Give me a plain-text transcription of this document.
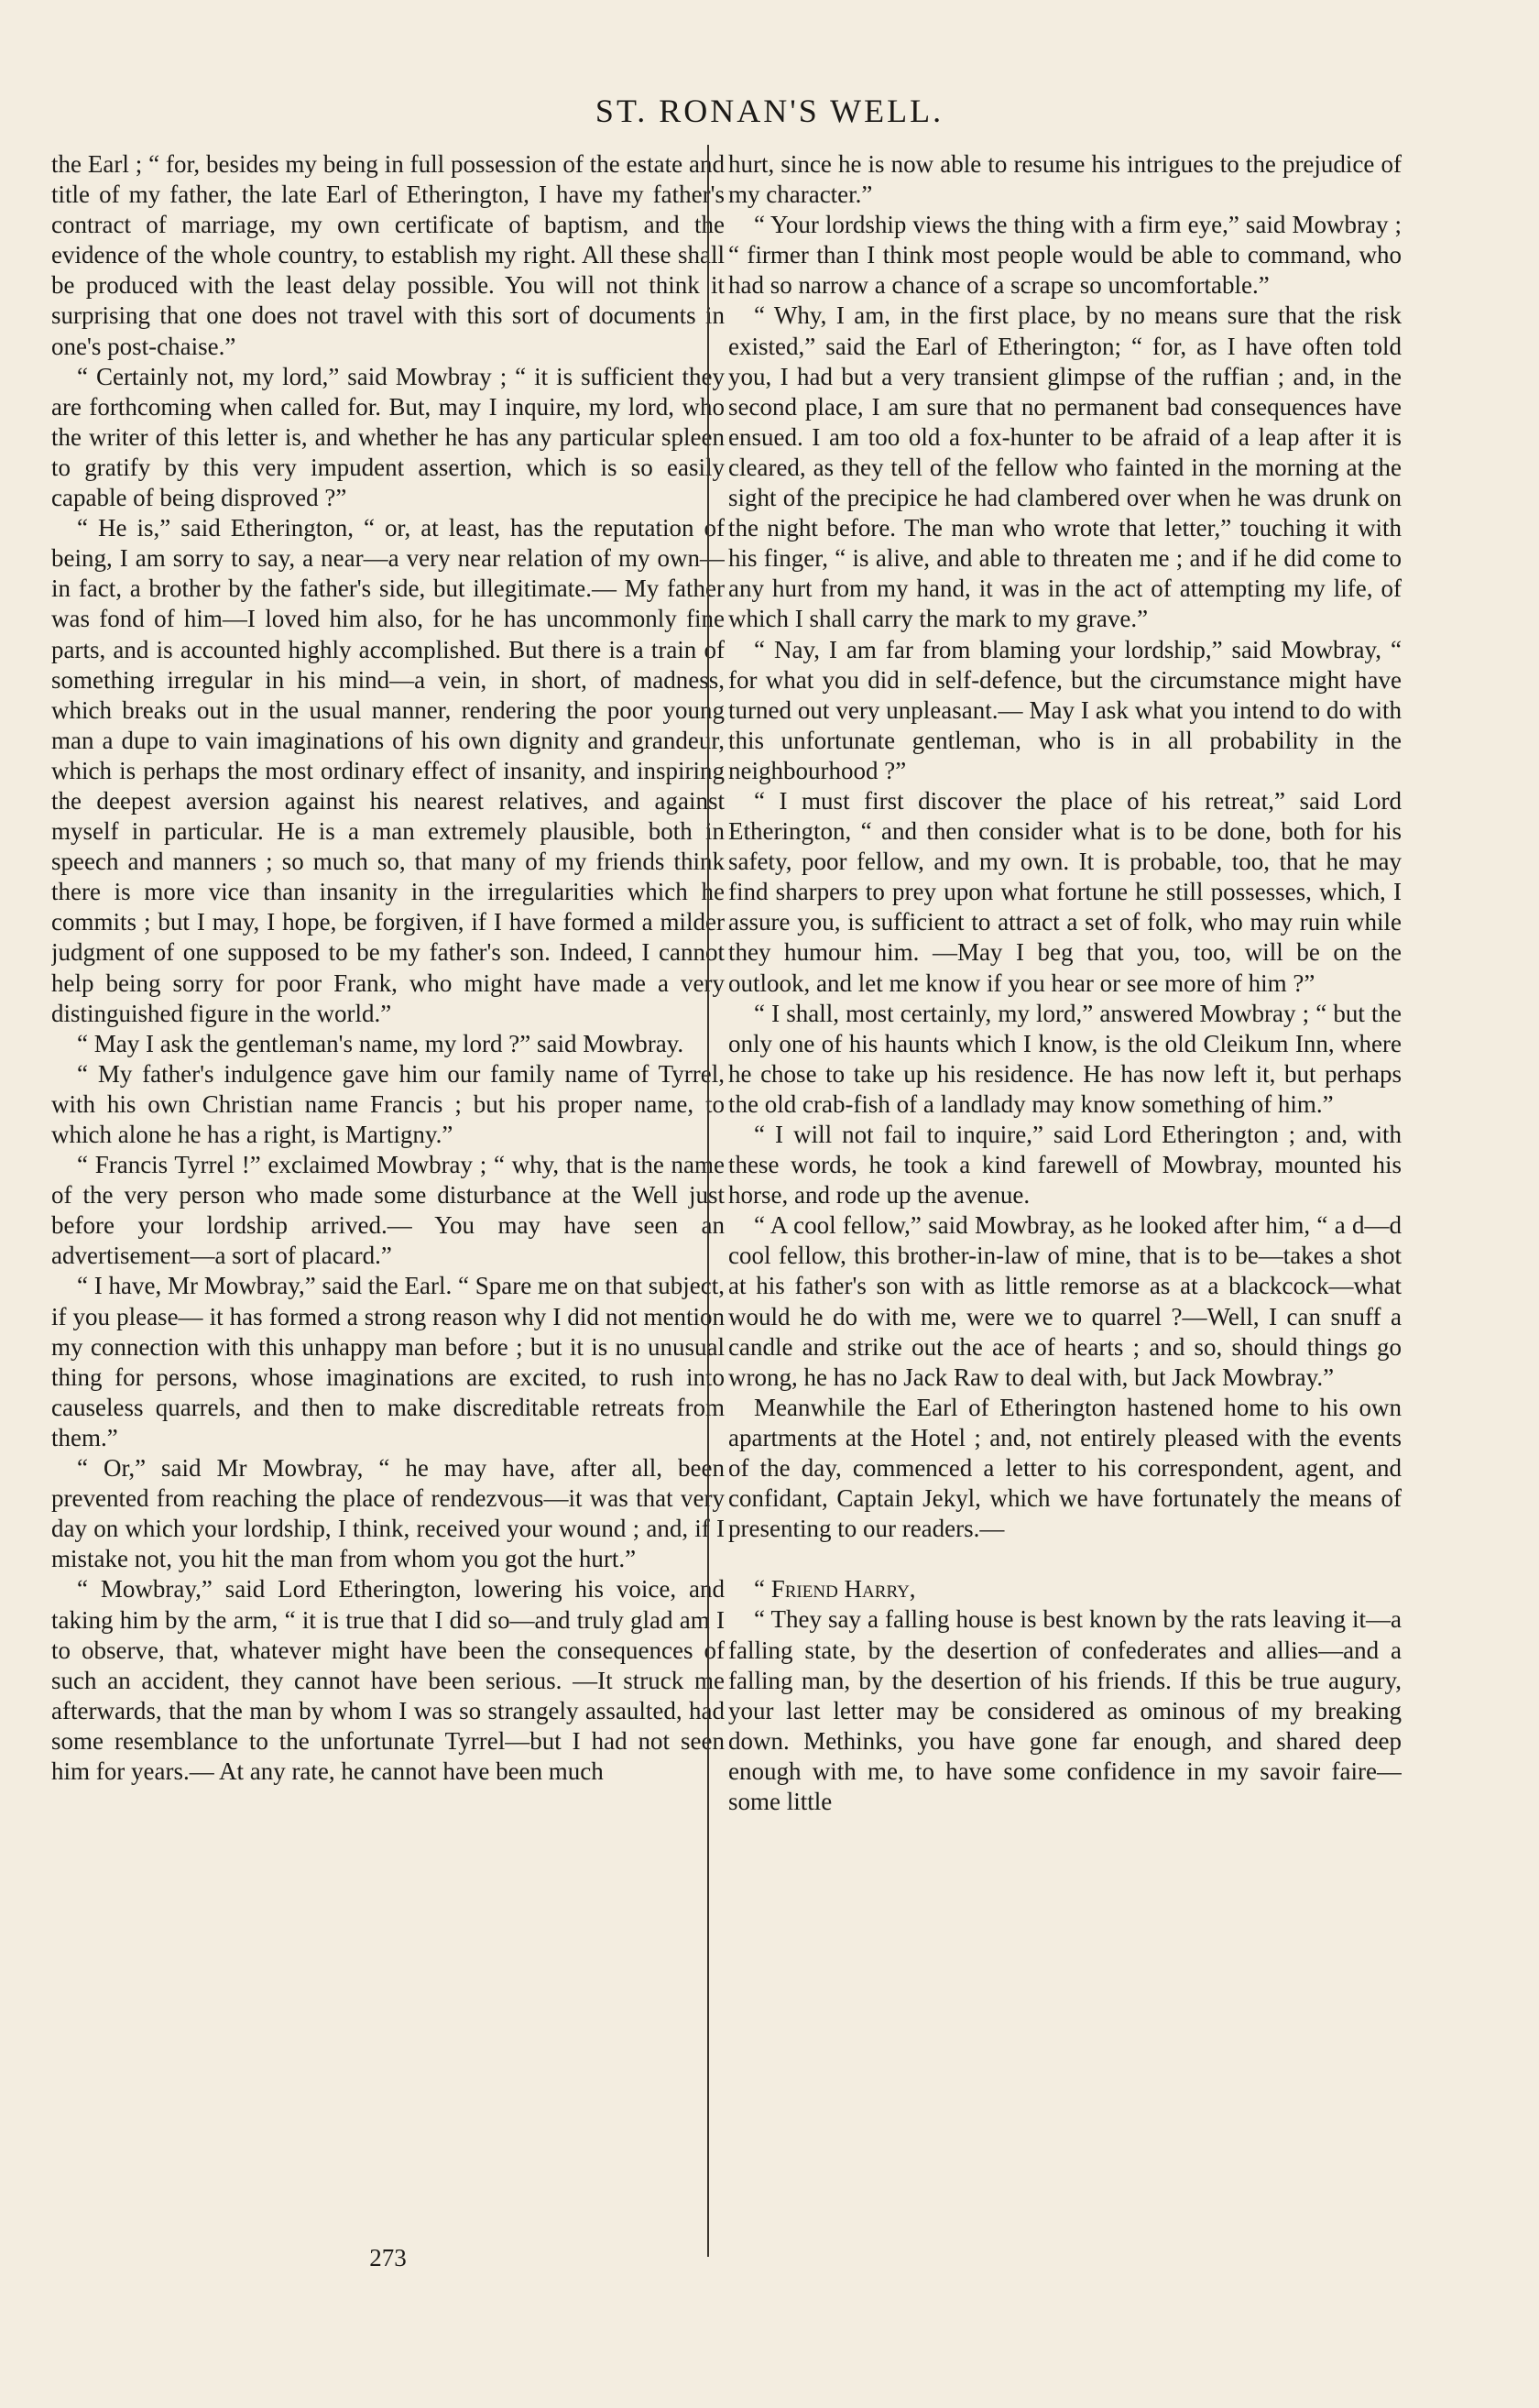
ST. RONAN'S WELL.

the Earl ; “ for, besides my being in full possession of the estate and title of my father, the late Earl of Etherington, I have my father's contract of marriage, my own certificate of baptism, and the evidence of the whole country, to establish my right. All these shall be produced with the least delay possible. You will not think it surprising that one does not travel with this sort of documents in one's post-chaise.”

“ Certainly not, my lord,” said Mowbray ; “ it is sufficient they are forthcoming when called for. But, may I inquire, my lord, who the writer of this letter is, and whether he has any particular spleen to gratify by this very impudent assertion, which is so easily capable of being disproved ?”

“ He is,” said Etherington, “ or, at least, has the reputation of being, I am sorry to say, a near—a very near relation of my own—in fact, a brother by the father's side, but illegitimate.— My father was fond of him—I loved him also, for he has uncommonly fine parts, and is accounted highly accomplished. But there is a train of something irregular in his mind—a vein, in short, of madness, which breaks out in the usual manner, rendering the poor young man a dupe to vain imaginations of his own dignity and grandeur, which is perhaps the most ordinary effect of insanity, and inspiring the deepest aversion against his nearest relatives, and against myself in particular. He is a man extremely plausible, both in speech and manners ; so much so, that many of my friends think there is more vice than insanity in the irregularities which he commits ; but I may, I hope, be forgiven, if I have formed a milder judgment of one supposed to be my father's son. Indeed, I cannot help being sorry for poor Frank, who might have made a very distinguished figure in the world.”

“ May I ask the gentleman's name, my lord ?” said Mowbray.

“ My father's indulgence gave him our family name of Tyrrel, with his own Christian name Francis ; but his proper name, to which alone he has a right, is Martigny.”

“ Francis Tyrrel !” exclaimed Mowbray ; “ why, that is the name of the very person who made some disturbance at the Well just before your lordship arrived.— You may have seen an advertisement—a sort of placard.”

“ I have, Mr Mowbray,” said the Earl. “ Spare me on that subject, if you please— it has formed a strong reason why I did not mention my connection with this unhappy man before ; but it is no unusual thing for persons, whose imaginations are excited, to rush into causeless quarrels, and then to make discreditable retreats from them.”

“ Or,” said Mr Mowbray, “ he may have, after all, been prevented from reaching the place of rendezvous—it was that very day on which your lordship, I think, received your wound ; and, if I mistake not, you hit the man from whom you got the hurt.”

“ Mowbray,” said Lord Etherington, lowering his voice, and taking him by the arm, “ it is true that I did so—and truly glad am I to observe, that, whatever might have been the consequences of such an accident, they cannot have been serious. —It struck me afterwards, that the man by whom I was so strangely assaulted, had some resemblance to the unfortunate Tyrrel—but I had not seen him for years.— At any rate, he cannot have been much

hurt, since he is now able to resume his intrigues to the prejudice of my character.”

“ Your lordship views the thing with a firm eye,” said Mowbray ; “ firmer than I think most people would be able to command, who had so narrow a chance of a scrape so uncomfortable.”

“ Why, I am, in the first place, by no means sure that the risk existed,” said the Earl of Etherington; “ for, as I have often told you, I had but a very transient glimpse of the ruffian ; and, in the second place, I am sure that no permanent bad consequences have ensued. I am too old a fox-hunter to be afraid of a leap after it is cleared, as they tell of the fellow who fainted in the morning at the sight of the precipice he had clambered over when he was drunk on the night before. The man who wrote that letter,” touching it with his finger, “ is alive, and able to threaten me ; and if he did come to any hurt from my hand, it was in the act of attempting my life, of which I shall carry the mark to my grave.”

“ Nay, I am far from blaming your lordship,” said Mowbray, “ for what you did in self-defence, but the circumstance might have turned out very unpleasant.— May I ask what you intend to do with this unfortunate gentleman, who is in all probability in the neighbourhood ?”

“ I must first discover the place of his retreat,” said Lord Etherington, “ and then consider what is to be done, both for his safety, poor fellow, and my own. It is probable, too, that he may find sharpers to prey upon what fortune he still possesses, which, I assure you, is sufficient to attract a set of folk, who may ruin while they humour him. —May I beg that you, too, will be on the outlook, and let me know if you hear or see more of him ?”

“ I shall, most certainly, my lord,” answered Mowbray ; “ but the only one of his haunts which I know, is the old Cleikum Inn, where he chose to take up his residence. He has now left it, but perhaps the old crab-fish of a landlady may know something of him.”

“ I will not fail to inquire,” said Lord Etherington ; and, with these words, he took a kind farewell of Mowbray, mounted his horse, and rode up the avenue.

“ A cool fellow,” said Mowbray, as he looked after him, “ a d—d cool fellow, this brother-in-law of mine, that is to be—takes a shot at his father's son with as little remorse as at a blackcock—what would he do with me, were we to quarrel ?—Well, I can snuff a candle and strike out the ace of hearts ; and so, should things go wrong, he has no Jack Raw to deal with, but Jack Mowbray.”

Meanwhile the Earl of Etherington hastened home to his own apartments at the Hotel ; and, not entirely pleased with the events of the day, commenced a letter to his correspondent, agent, and confidant, Captain Jekyl, which we have fortunately the means of presenting to our readers.—

“ Friend Harry,

“ They say a falling house is best known by the rats leaving it—a falling state, by the desertion of confederates and allies—and a falling man, by the desertion of his friends. If this be true augury, your last letter may be considered as ominous of my breaking down. Methinks, you have gone far enough, and shared deep enough with me, to have some confidence in my savoir faire—some little

273
